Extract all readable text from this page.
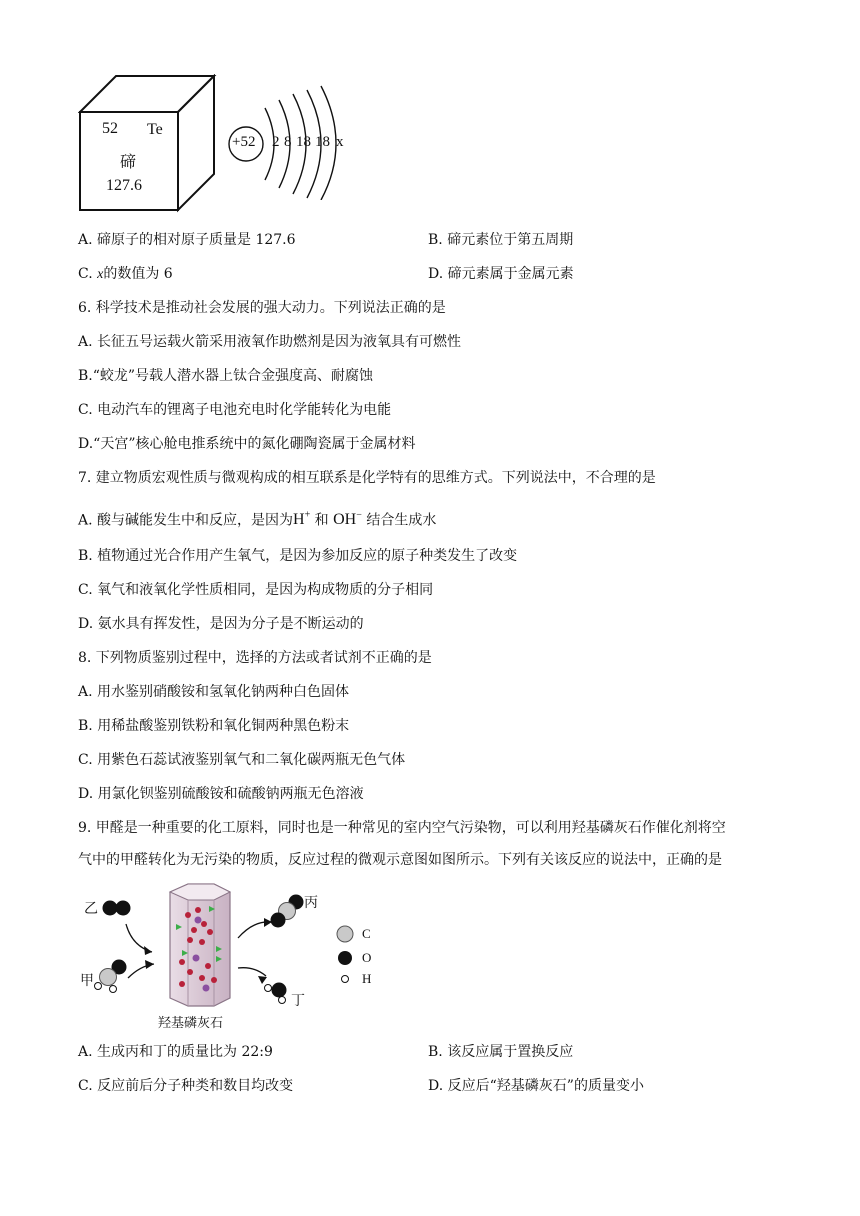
52 Te
碲
127.6
+52 2 8 18 18 x
A. 碲原子的相对原子质量是 127.6	B. 碲元素位于第五周期
C. x的数值为 6	D. 碲元素属于金属元素
6. 科学技术是推动社会发展的强大动力。下列说法正确的是
A. 长征五号运载火箭采用液氧作助燃剂是因为液氧具有可燃性
B.“蛟龙”号载人潜水器上钛合金强度高、耐腐蚀
C. 电动汽车的锂离子电池充电时化学能转化为电能
D.“天宫”核心舱电推系统中的氮化硼陶瓷属于金属材料
7. 建立物质宏观性质与微观构成的相互联系是化学特有的思维方式。下列说法中，不合理的是
A. 酸与碱能发生中和反应，是因为H+ 和 OH− 结合生成水
B. 植物通过光合作用产生氧气，是因为参加反应的原子种类发生了改变
C. 氧气和液氧化学性质相同，是因为构成物质的分子相同
D. 氨水具有挥发性，是因为分子是不断运动的
8. 下列物质鉴别过程中，选择的方法或者试剂不正确的是
A. 用水鉴别硝酸铵和氢氧化钠两种白色固体
B. 用稀盐酸鉴别铁粉和氧化铜两种黑色粉末
C. 用紫色石蕊试液鉴别氧气和二氧化碳两瓶无色气体
D. 用氯化钡鉴别硫酸铵和硫酸钠两瓶无色溶液
9. 甲醛是一种重要的化工原料，同时也是一种常见的室内空气污染物，可以利用羟基磷灰石作催化剂将空
气中的甲醛转化为无污染的物质，反应过程的微观示意图如图所示。下列有关该反应的说法中，正确的是
乙
甲
丙
丁
羟基磷灰石
C
O
H
A. 生成丙和丁的质量比为 22:9	B. 该反应属于置换反应
C. 反应前后分子种类和数目均改变	D. 反应后“羟基磷灰石”的质量变小
